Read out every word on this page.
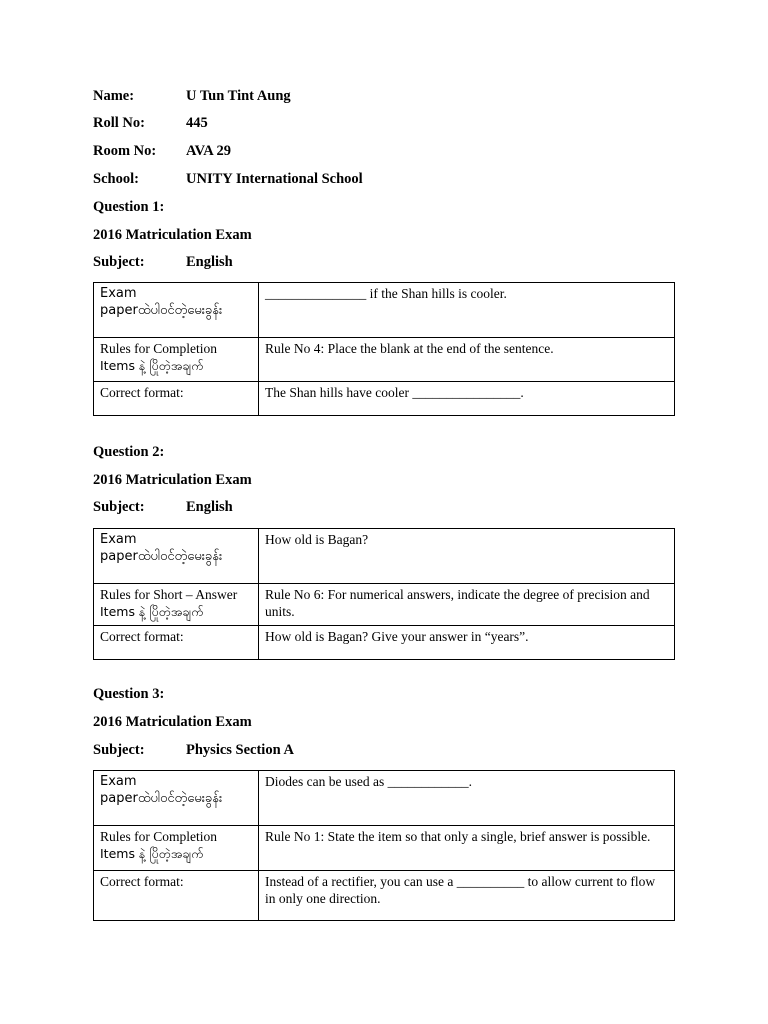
Name:	U Tun Tint Aung
Roll No:	445
Room No: AVA 29
School:	UNITY International School
Question 1:
2016 Matriculation Exam
Subject:	English
Exam
paperထဲပါဝင်တဲ့မေးခွန်း	_______________ if the Shan hills is cooler.

Rules for Completion
Items နဲ့ ပြိုတဲ့အချက်	Rule No 4: Place the blank at the end of the sentence.

Correct format:	The Shan hills have cooler ________________.
Question 2:
2016 Matriculation Exam
Subject:	English
Exam
paperထဲပါဝင်တဲ့မေးခွန်း	How old is Bagan?

Rules for Short – Answer
Items နဲ့ ပြိုတဲ့အချက်	Rule No 6: For numerical answers, indicate the degree of precision and units.

Correct format:	How old is Bagan? Give your answer in “years”.
Question 3:
2016 Matriculation Exam
Subject:	Physics Section A
Exam
paperထဲပါဝင်တဲ့မေးခွန်း	Diodes can be used as ____________.

Rules for Completion
Items နဲ့ ပြိုတဲ့အချက်	Rule No 1: State the item so that only a single, brief answer is possible.

Correct format:	Instead of a rectifier, you can use a __________ to allow current to flow in only one direction.
